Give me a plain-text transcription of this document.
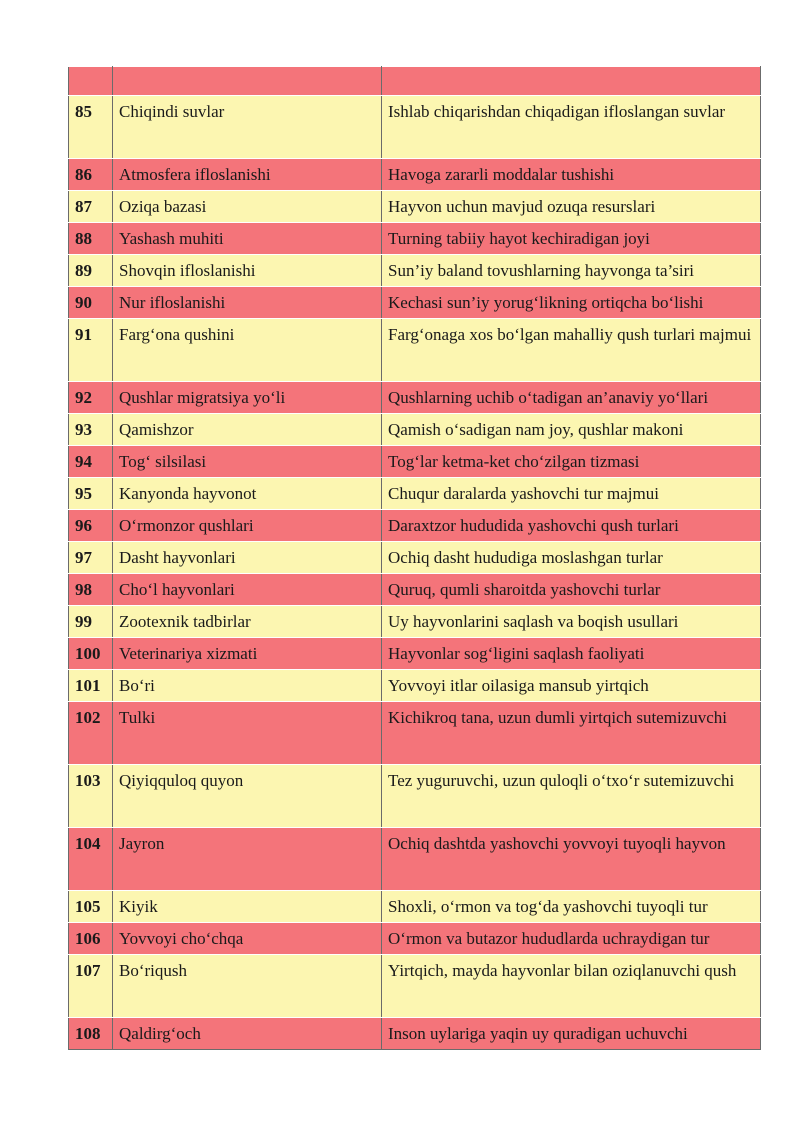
85	Chiqindi suvlar	Ishlab chiqarishdan chiqadigan ifloslangan suvlar
86	Atmosfera ifloslanishi	Havoga zararli moddalar tushishi
87	Oziqa bazasi	Hayvon uchun mavjud ozuqa resurslari
88	Yashash muhiti	Turning tabiiy hayot kechiradigan joyi
89	Shovqin ifloslanishi	Sun’iy baland tovushlarning hayvonga ta’siri
90	Nur ifloslanishi	Kechasi sun’iy yorug‘likning ortiqcha bo‘lishi
91	Farg‘ona qushini	Farg‘onaga xos bo‘lgan mahalliy qush turlari majmui
92	Qushlar migratsiya yo‘li	Qushlarning uchib o‘tadigan an’anaviy yo‘llari
93	Qamishzor	Qamish o‘sadigan nam joy, qushlar makoni
94	Tog‘ silsilasi	Tog‘lar ketma-ket cho‘zilgan tizmasi
95	Kanyonda hayvonot	Chuqur daralarda yashovchi tur majmui
96	O‘rmonzor qushlari	Daraxtzor hududida yashovchi qush turlari
97	Dasht hayvonlari	Ochiq dasht hududiga moslashgan turlar
98	Cho‘l hayvonlari	Quruq, qumli sharoitda yashovchi turlar
99	Zootexnik tadbirlar	Uy hayvonlarini saqlash va boqish usullari
100	Veterinariya xizmati	Hayvonlar sog‘ligini saqlash faoliyati
101	Bo‘ri	Yovvoyi itlar oilasiga mansub yirtqich
102	Tulki	Kichikroq tana, uzun dumli yirtqich sutemizuvchi
103	Qiyiqquloq quyon	Tez yuguruvchi, uzun quloqli o‘txo‘r sutemizuvchi
104	Jayron	Ochiq dashtda yashovchi yovvoyi tuyoqli hayvon
105	Kiyik	Shoxli, o‘rmon va tog‘da yashovchi tuyoqli tur
106	Yovvoyi cho‘chqa	O‘rmon va butazor hududlarda uchraydigan tur
107	Bo‘riqush	Yirtqich, mayda hayvonlar bilan oziqlanuvchi qush
108	Qaldirg‘och	Inson uylariga yaqin uy quradigan uchuvchi
